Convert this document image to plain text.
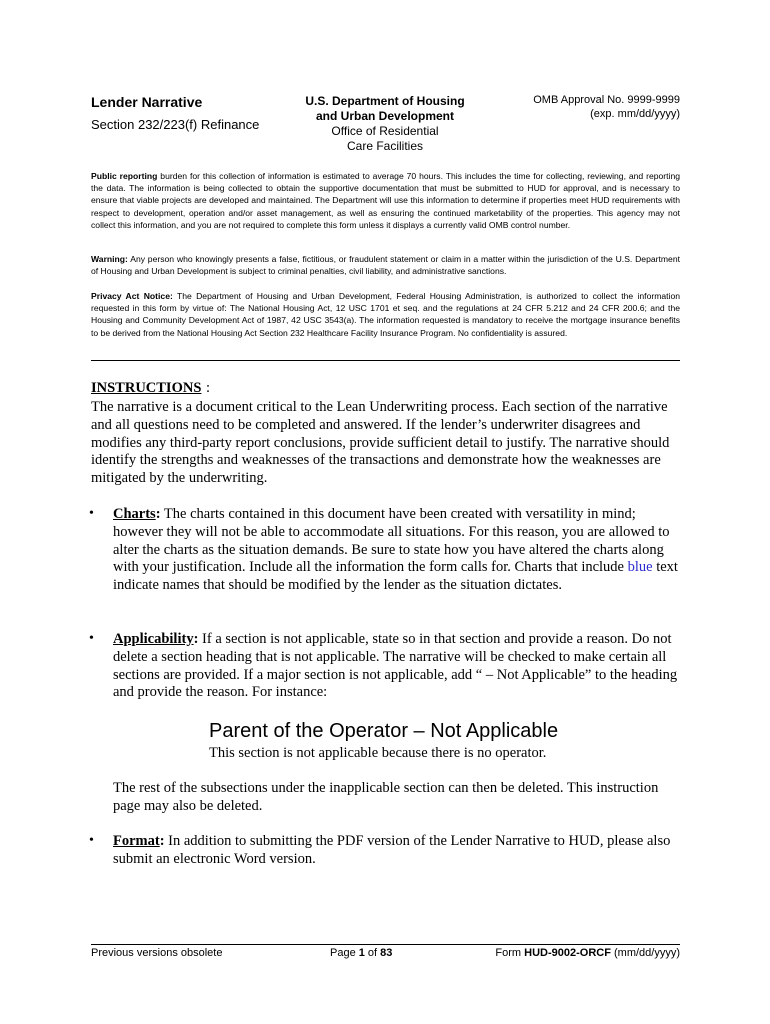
Lender Narrative
Section 232/223(f) Refinance
U.S. Department of Housing
and Urban Development
Office of Residential
Care Facilities
OMB Approval No. 9999-9999
(exp. mm/dd/yyyy)
Public reporting burden for this collection of information is estimated to average 70 hours. This includes the time for collecting, reviewing, and reporting the data. The information is being collected to obtain the supportive documentation that must be submitted to HUD for approval, and is necessary to ensure that viable projects are developed and maintained. The Department will use this information to determine if properties meet HUD requirements with respect to development, operation and/or asset management, as well as ensuring the continued marketability of the properties. This agency may not collect this information, and you are not required to complete this form unless it displays a currently valid OMB control number.
Warning: Any person who knowingly presents a false, fictitious, or fraudulent statement or claim in a matter within the jurisdiction of the U.S. Department of Housing and Urban Development is subject to criminal penalties, civil liability, and administrative sanctions.
Privacy Act Notice: The Department of Housing and Urban Development, Federal Housing Administration, is authorized to collect the information requested in this form by virtue of: The National Housing Act, 12 USC 1701 et seq. and the regulations at 24 CFR 5.212 and 24 CFR 200.6; and the Housing and Community Development Act of 1987, 42 USC 3543(a). The information requested is mandatory to receive the mortgage insurance benefits to be derived from the National Housing Act Section 232 Healthcare Facility Insurance Program. No confidentiality is assured.
INSTRUCTIONS :
The narrative is a document critical to the Lean Underwriting process. Each section of the narrative and all questions need to be completed and answered. If the lender’s underwriter disagrees and modifies any third-party report conclusions, provide sufficient detail to justify. The narrative should identify the strengths and weaknesses of the transactions and demonstrate how the weaknesses are mitigated by the underwriting.
• Charts: The charts contained in this document have been created with versatility in mind; however they will not be able to accommodate all situations. For this reason, you are allowed to alter the charts as the situation demands. Be sure to state how you have altered the charts along with your justification. Include all the information the form calls for. Charts that include blue text indicate names that should be modified by the lender as the situation dictates.
• Applicability: If a section is not applicable, state so in that section and provide a reason. Do not delete a section heading that is not applicable. The narrative will be checked to make certain all sections are provided. If a major section is not applicable, add “ – Not Applicable” to the heading and provide the reason. For instance:
Parent of the Operator – Not Applicable
This section is not applicable because there is no operator.
The rest of the subsections under the inapplicable section can then be deleted. This instruction page may also be deleted.
• Format: In addition to submitting the PDF version of the Lender Narrative to HUD, please also submit an electronic Word version.
Previous versions obsolete	Page 1 of 83	Form HUD-9002-ORCF (mm/dd/yyyy)
